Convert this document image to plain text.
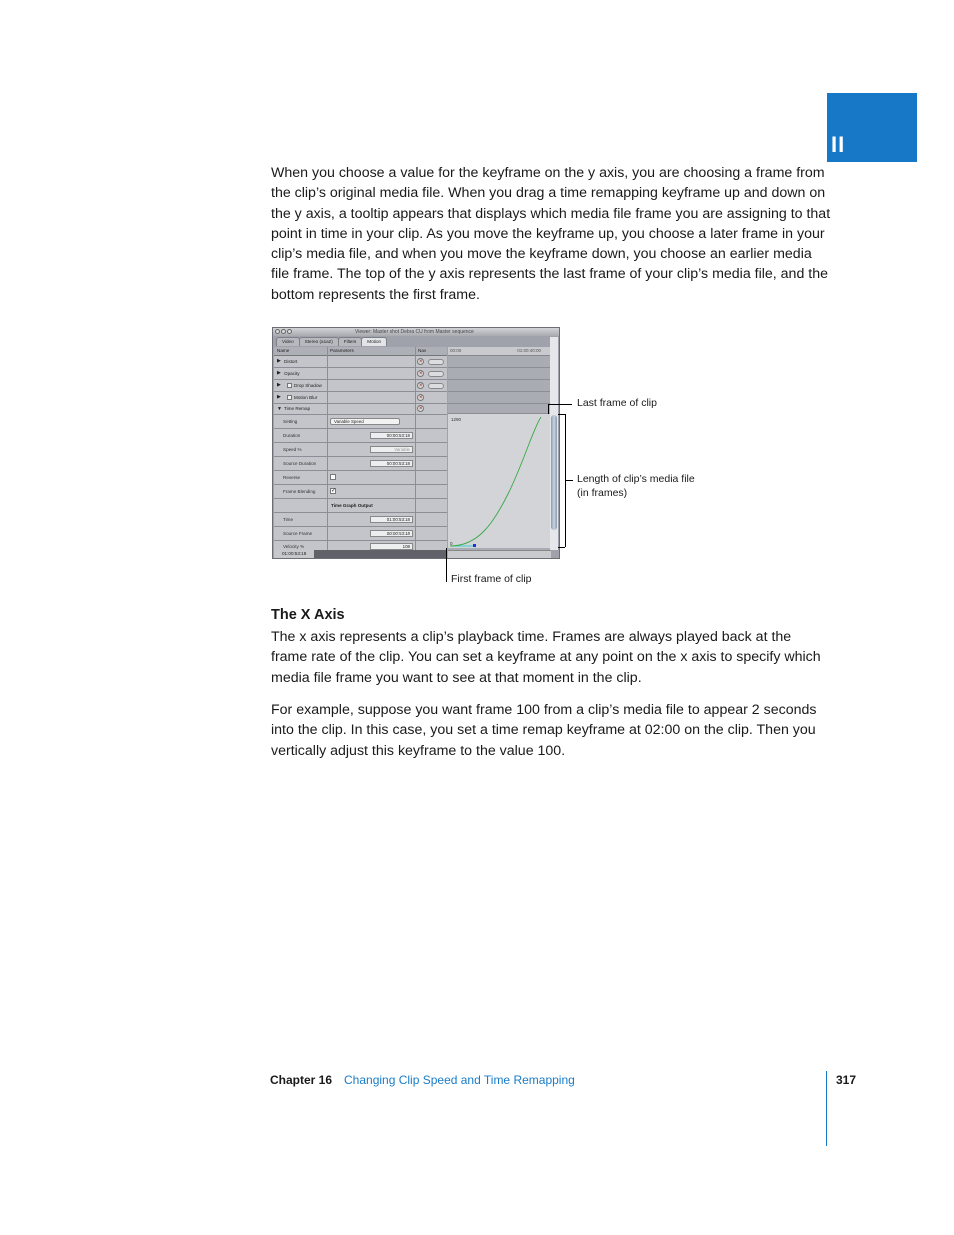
II

When you choose a value for the keyframe on the y axis, you are choosing a frame from the clip’s original media file. When you drag a time remapping keyframe up and down on the y axis, a tooltip appears that displays which media file frame you are assigning to that point in time in your clip. As you move the keyframe up, you choose a later frame in your clip’s media file, and when you move the keyframe down, you choose an earlier media file frame. The top of the y axis represents the last frame of your clip’s media file, and the bottom represents the first frame.

Viewer: Master shot Debra CU from Master sequence
Video Stereo (a1a2) Filters Motion
Name	Parameters	Nav
▶ Distort
×
▶ Opacity
×
▶	Drop Shadow
×
▶	Motion Blur
×
▼ Time Remap
×
Setting	Variable Speed
Duration	00:00:53:18
Speed %	Variable
Source Duration	00:00:53:18
Reverse
Frame Blending	✓
Time Graph Output
Time	01:00:53:18
Source Frame	00:00:53:18
Velocity %	108
01:00:53:18
00:00	01:00:40:00
1290
0
Last frame of clip
Length of clip’s media file (in frames)
First frame of clip
The X Axis

The x axis represents a clip’s playback time. Frames are always played back at the frame rate of the clip. You can set a keyframe at any point on the x axis to specify which media file frame you want to see at that moment in the clip.

For example, suppose you want frame 100 from a clip’s media file to appear 2 seconds into the clip. In this case, you set a time remap keyframe at 02:00 on the clip. Then you vertically adjust this keyframe to the value 100.

Chapter 16 Changing Clip Speed and Time Remapping	317
